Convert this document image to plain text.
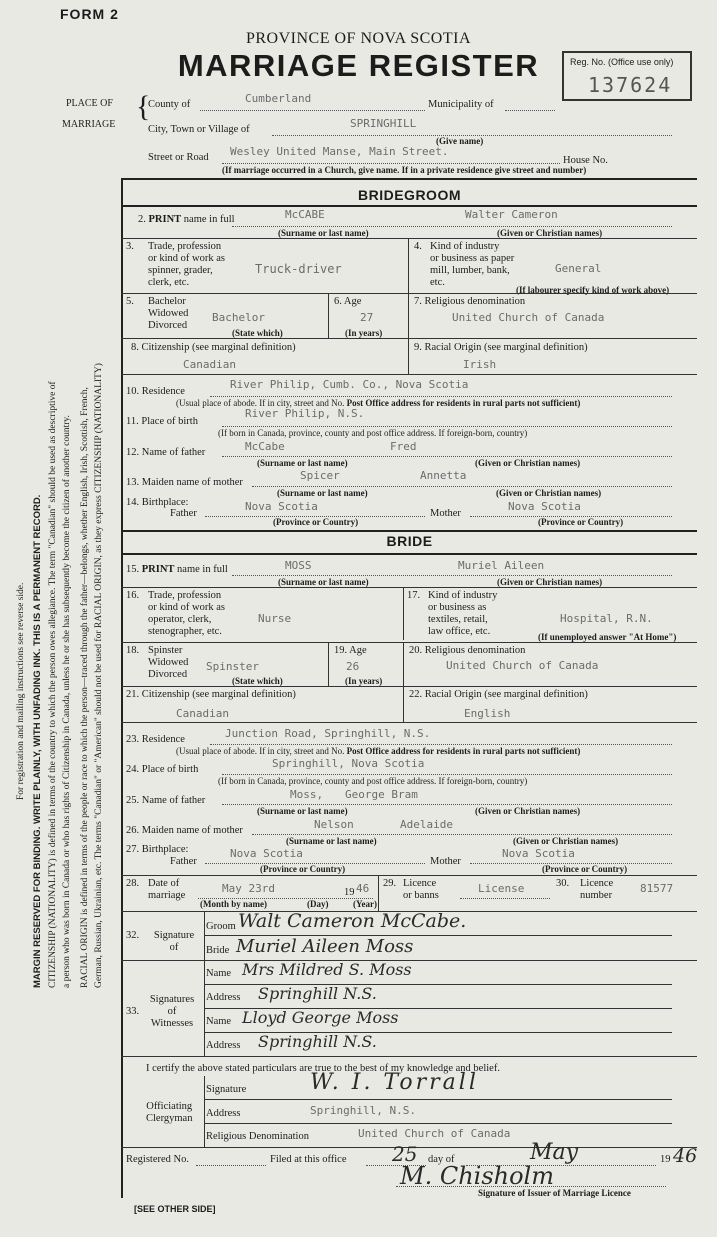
FORM 2
PROVINCE OF NOVA SCOTIA
MARRIAGE REGISTER	Reg. No. (Office use only)
137624
PLACE OF
MARRIAGE
{
County of	Cumberland	Municipality of
City, Town or Village of	SPRINGHILL
(Give name)
Street or Road Wesley United Manse, Main Street.
House No.
(If marriage occurred in a Church, give name. If in a private residence give street and number)
For registration and mailing instructions see reverse side. MARGIN RESERVED FOR BINDING. WRITE PLAINLY, WITH UNFADING INK. THIS IS A PERMANENT RECORD. CITIZENSHIP (NATIONALITY) is defined in terms of the country to which the person owes allegiance. The term "Canadian" should be used as descriptive of a person who was born in Canada or who has rights of Citizenship in Canada, unless he or she has subsequently become the citizen of another country. RACIAL ORIGIN is defined in terms of the people or race to which the person—traced through the father—belongs, whether English, Irish, Scottish, French, German, Russian, Ukrainian, etc. The terms "Canadian" or "American" should not be used for RACIAL ORIGIN, as they express CITIZENSHIP (NATIONALITY)
BRIDEGROOM
2. PRINT name in full	McCABE	Walter Cameron
(Surname or last name)	(Given or Christian names)
3. Trade, profession
or kind of work as
spinner, grader,
clerk, etc.
Truck-driver
4. Kind of industry
or business as paper
mill, lumber, bank,
etc.
General
(If labourer specify kind of work above)
5. Bachelor
Widowed
Divorced
Bachelor
(State which)
6. Age
27
(In years)
7. Religious denomination
United Church of Canada
8. Citizenship (see marginal definition)
Canadian
9. Racial Origin (see marginal definition)
Irish
10. Residence
River Philip, Cumb. Co., Nova Scotia
(Usual place of abode. If in city, street and No. Post Office address for residents in rural parts not sufficient)
11. Place of birth
River Philip, N.S.
(If born in Canada, province, county and post office address. If foreign-born, country)
12. Name of father	McCabe	Fred
(Surname or last name)	(Given or Christian names)
13. Maiden name of mother
Spicer	Annetta
(Surname or last name)	(Given or Christian names)
14. Birthplace:
Father
Nova Scotia
Mother
Nova Scotia
(Province or Country)	(Province or Country)
BRIDE
15. PRINT name in full	MOSS	Muriel Aileen
(Surname or last name)	(Given or Christian names)
16. Trade, profession
or kind of work as
operator, clerk,
stenographer, etc.
Nurse
17. Kind of industry
or business as
textiles, retail,
law office, etc.
Hospital, R.N.
(If unemployed answer "At Home")
18. Spinster
Widowed
Divorced
Spinster
(State which)
19. Age
26
(In years)
20. Religious denomination
United Church of Canada
21. Citizenship (see marginal definition)
Canadian
22. Racial Origin (see marginal definition)
English
23. Residence	Junction Road, Springhill, N.S.
(Usual place of abode. If in city, street and No. Post Office address for residents in rural parts not sufficient)
24. Place of birth	Springhill, Nova Scotia
(If born in Canada, province, county and post office address. If foreign-born, country)
25. Name of father	Moss, George Bram
(Surname or last name)	(Given or Christian names)
26. Maiden name of mother	Nelson	Adelaide
(Surname or last name)	(Given or Christian names)
27. Birthplace:
Father
Nova Scotia
Mother
Nova Scotia
(Province or Country)	(Province or Country)
28. Date of
marriage
May 23rd	19 46
(Month by name)	(Day)	(Year)
29. Licence
or banns
License	30. Licence
number
81577
32.	Signature
of
Groom Walt Cameron McCabe.
Bride Muriel Aileen Moss
33.
Signatures
of
Witnesses
Name Mrs Mildred S. Moss
Address Springhill N.S.
Name Lloyd George Moss
Address Springhill N.S.
I certify the above stated particulars are true to the best of my knowledge and belief.
Officiating
Clergyman
Signature	W. I. Torrall
Address	Springhill, N.S.
Religious Denomination	United Church of Canada
Registered No.	Filed at this office 25 day of	May	19 46
M. Chisholm
Signature of Issuer of Marriage Licence
[SEE OTHER SIDE]
